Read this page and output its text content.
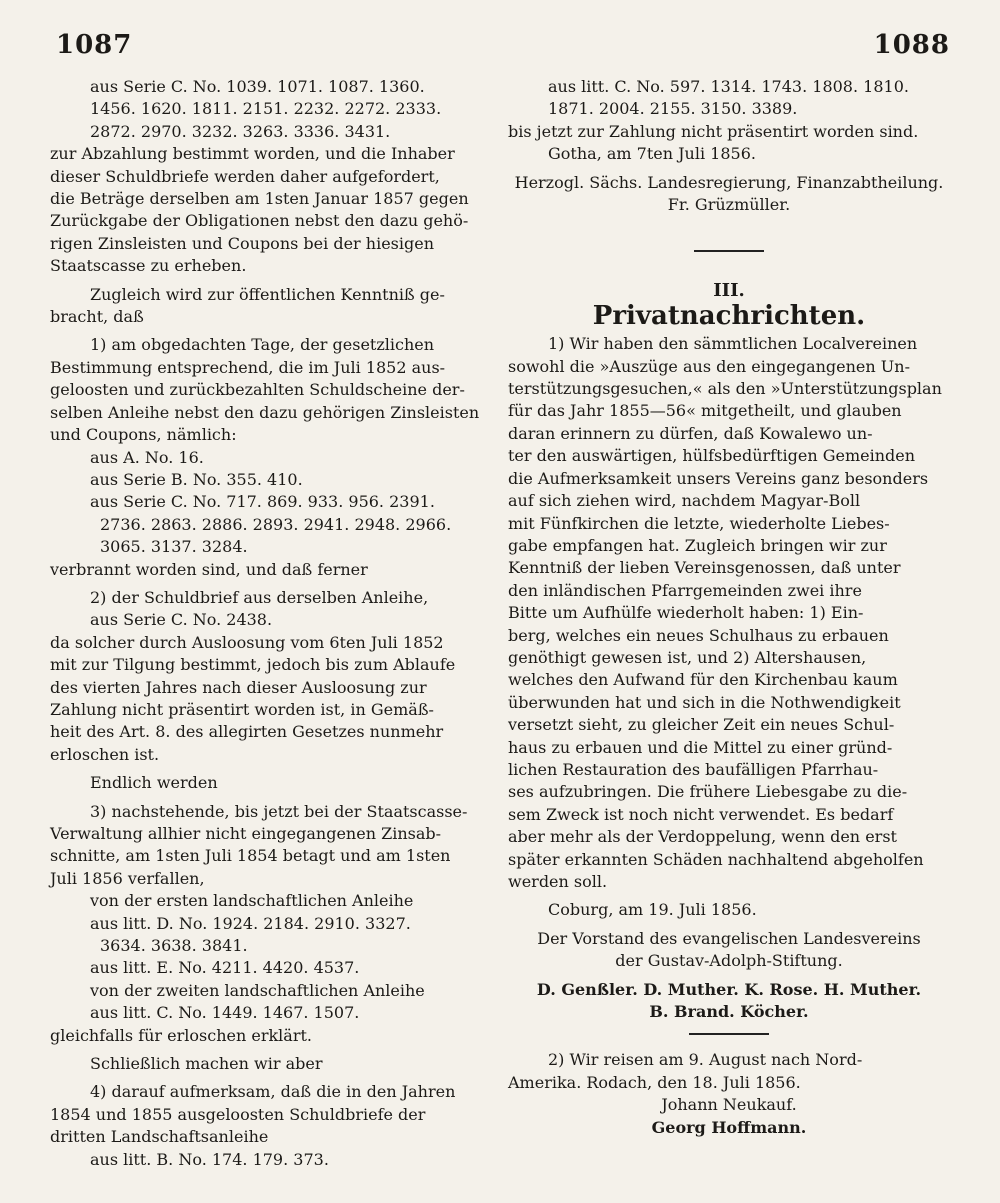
1087	1088

aus Serie C. No. 1039. 1071. 1087. 1360.

1456. 1620. 1811. 2151. 2232. 2272. 2333.

2872. 2970. 3232. 3263. 3336. 3431.

zur Abzahlung bestimmt worden, und die Inhaber

dieser Schuldbriefe werden daher aufgefordert,

die Beträge derselben am 1sten Januar 1857 gegen

Zurückgabe der Obligationen nebst den dazu gehö-

rigen Zinsleisten und Coupons bei der hiesigen

Staatscasse zu erheben.

Zugleich wird zur öffentlichen Kenntniß ge-

bracht, daß

1) am obgedachten Tage, der gesetzlichen

Bestimmung entsprechend, die im Juli 1852 aus-

geloosten und zurückbezahlten Schuldscheine der-

selben Anleihe nebst den dazu gehörigen Zinsleisten

und Coupons, nämlich:

aus A. No. 16.

aus Serie B. No. 355. 410.

aus Serie C. No. 717. 869. 933. 956. 2391.

2736. 2863. 2886. 2893. 2941. 2948. 2966.

3065. 3137. 3284.

verbrannt worden sind, und daß ferner

2) der Schuldbrief aus derselben Anleihe,

aus Serie C. No. 2438.

da solcher durch Ausloosung vom 6ten Juli 1852

mit zur Tilgung bestimmt, jedoch bis zum Ablaufe

des vierten Jahres nach dieser Ausloosung zur

Zahlung nicht präsentirt worden ist, in Gemäß-

heit des Art. 8. des allegirten Gesetzes nunmehr

erloschen ist.

Endlich werden

3) nachstehende, bis jetzt bei der Staatscasse-

Verwaltung allhier nicht eingegangenen Zinsab-

schnitte, am 1sten Juli 1854 betagt und am 1sten

Juli 1856 verfallen,

von der ersten landschaftlichen Anleihe

aus litt. D. No. 1924. 2184. 2910. 3327.

3634. 3638. 3841.

aus litt. E. No. 4211. 4420. 4537.

von der zweiten landschaftlichen Anleihe

aus litt. C. No. 1449. 1467. 1507.

gleichfalls für erloschen erklärt.

Schließlich machen wir aber

4) darauf aufmerksam, daß die in den Jahren

1854 und 1855 ausgeloosten Schuldbriefe der

dritten Landschaftsanleihe

aus litt. B. No. 174. 179. 373.

aus litt. C. No. 597. 1314. 1743. 1808. 1810.

1871. 2004. 2155. 3150. 3389.

bis jetzt zur Zahlung nicht präsentirt worden sind.

Gotha, am 7ten Juli 1856.

Herzogl. Sächs. Landesregierung, Finanzabtheilung.

Fr. Grüzmüller.

III.

Privatnachrichten.

1) Wir haben den sämmtlichen Localvereinen

sowohl die »Auszüge aus den eingegangenen Un-

terstützungsgesuchen,« als den »Unterstützungsplan

für das Jahr 1855—56« mitgetheilt, und glauben

daran erinnern zu dürfen, daß Kowalewo un-

ter den auswärtigen, hülfsbedürftigen Gemeinden

die Aufmerksamkeit unsers Vereins ganz besonders

auf sich ziehen wird, nachdem Magyar-Boll

mit Fünfkirchen die letzte, wiederholte Liebes-

gabe empfangen hat. Zugleich bringen wir zur

Kenntniß der lieben Vereinsgenossen, daß unter

den inländischen Pfarrgemeinden zwei ihre

Bitte um Aufhülfe wiederholt haben: 1) Ein-

berg, welches ein neues Schulhaus zu erbauen

genöthigt gewesen ist, und 2) Altershausen,

welches den Aufwand für den Kirchenbau kaum

überwunden hat und sich in die Nothwendigkeit

versetzt sieht, zu gleicher Zeit ein neues Schul-

haus zu erbauen und die Mittel zu einer gründ-

lichen Restauration des baufälligen Pfarrhau-

ses aufzubringen. Die frühere Liebesgabe zu die-

sem Zweck ist noch nicht verwendet. Es bedarf

aber mehr als der Verdoppelung, wenn den erst

später erkannten Schäden nachhaltend abgeholfen

werden soll.

Coburg, am 19. Juli 1856.

Der Vorstand des evangelischen Landesvereins

der Gustav-Adolph-Stiftung.

D. Genßler. D. Muther. K. Rose. H. Muther.

B. Brand. Köcher.

2) Wir reisen am 9. August nach Nord-

Amerika. Rodach, den 18. Juli 1856.

Johann Neukauf.

Georg Hoffmann.
